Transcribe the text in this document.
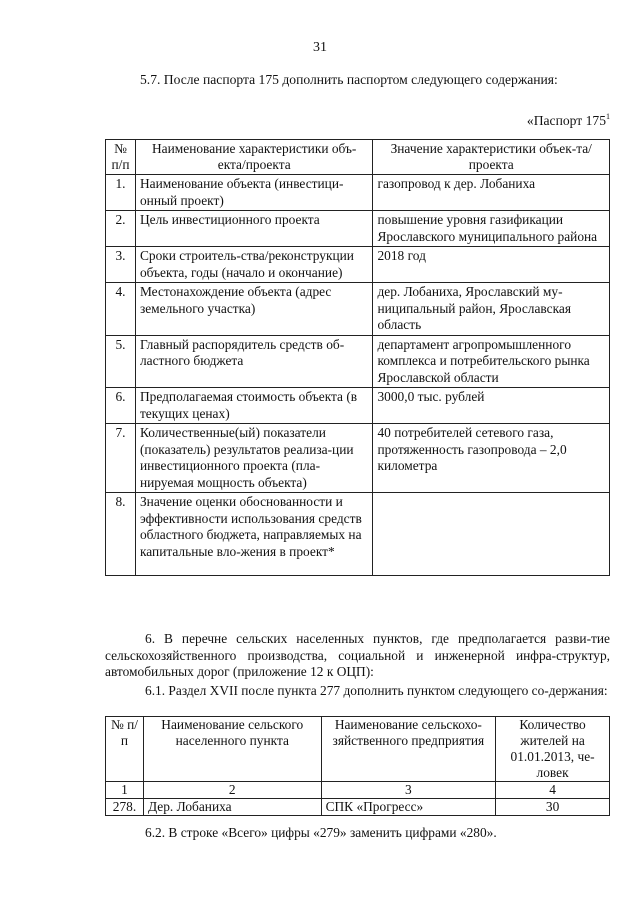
31
5.7. После паспорта 175 дополнить паспортом следующего содержания:
«Паспорт $175^1$
№ п/п	Наименование характеристики объ-екта/проекта	Значение характеристики объек-та/проекта
1.	Наименование объекта (инвестици-онный проект)	газопровод к дер. Лобаниха
2.	Цель инвестиционного проекта	повышение уровня газификации Ярославского муниципального района
3.	Сроки строитель-ства/реконструкции объекта, годы (начало и окончание)	2018 год
4.	Местонахождение объекта (адрес земельного участка)	дер. Лобаниха, Ярославский му-ниципальный район, Ярославская область
5.	Главный распорядитель средств об-ластного бюджета	департамент агропромышленного комплекса и потребительского рынка Ярославской области
6.	Предполагаемая стоимость объекта (в текущих ценах)	3000,0 тыс. рублей
7.	Количественные(ый) показатели (показатель) результатов реализа-ции инвестиционного проекта (пла-нируемая мощность объекта)	40 потребителей сетевого газа, протяженность газопровода – 2,0 километра
8.	Значение оценки обоснованности и эффективности использования средств областного бюджета, направляемых на капитальные вло-жения в проект*	
6. В перечне сельских населенных пунктов, где предполагается разви-тие сельскохозяйственного производства, социальной и инженерной инфра-структур, автомобильных дорог (приложение 12 к ОЦП):
6.1. Раздел XVII после пункта 277 дополнить пунктом следующего со-держания:
№ п/п	Наименование сельского населенного пункта	Наименование сельскохо-зяйственного предприятия	Количество жителей на 01.01.2013, че-ловек
1	2	3	4
278.	Дер. Лобаниха	СПК «Прогресс»	30
6.2. В строке «Всего» цифры «279» заменить цифрами «280».
